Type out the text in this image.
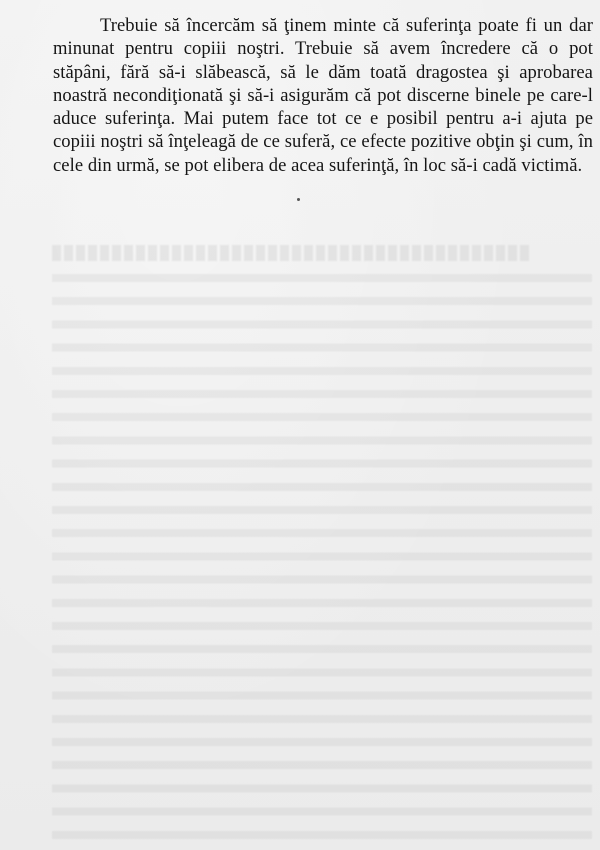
Trebuie să încercăm să ţinem minte că suferinţa poate fi un dar minunat pentru copiii noştri. Trebuie să avem încredere că o pot stăpâni, fără să-i slăbească, să le dăm toată dragostea şi aprobarea noastră necondiţionată şi să-i asigurăm că pot discerne binele pe care-l aduce suferinţa. Mai putem face tot ce e posibil pentru a-i ajuta pe copiii noştri să înţeleagă de ce suferă, ce efecte pozitive obţin şi cum, în cele din urmă, se pot elibera de acea suferinţă, în loc să-i cadă victimă.
